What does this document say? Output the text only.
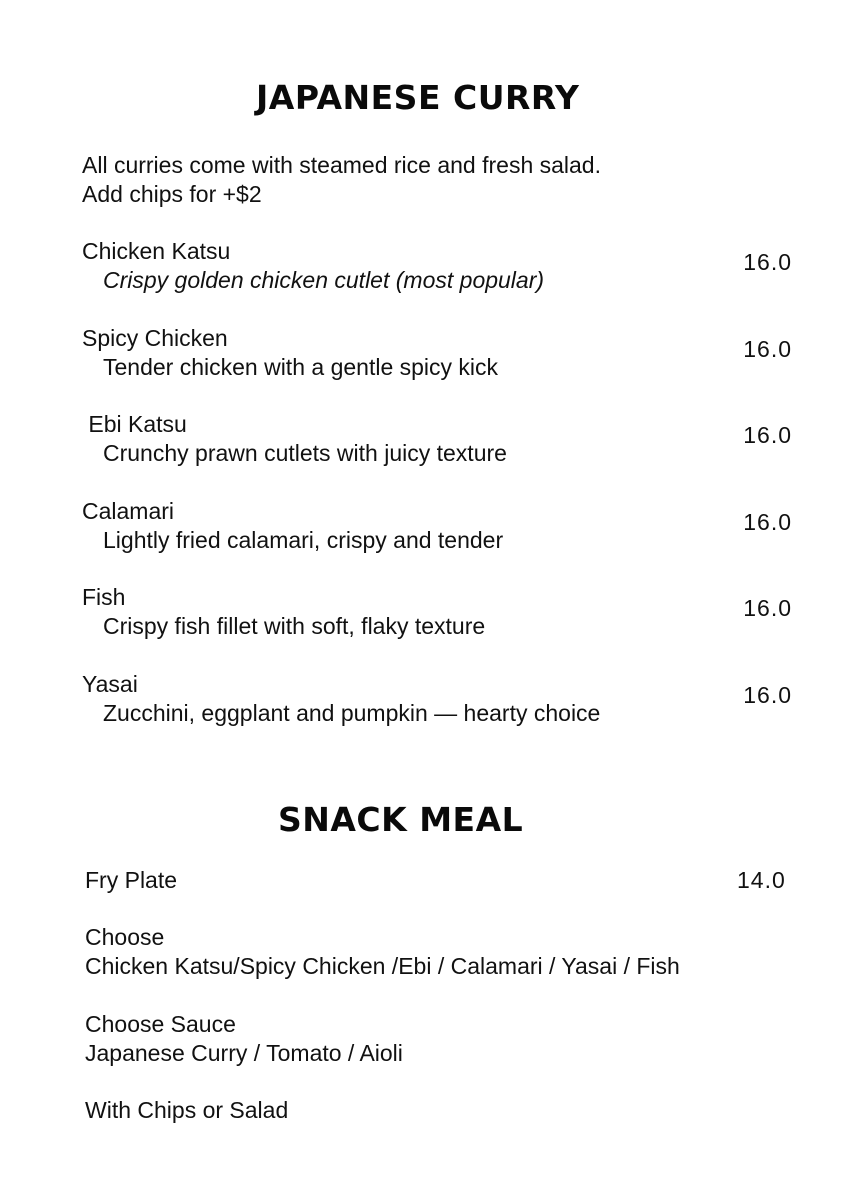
JAPANESE CURRY
All curries come with steamed rice and fresh salad.
Add chips for +$2
Chicken Katsu
Crispy golden chicken cutlet (most popular)
16.0
Spicy Chicken
Tender chicken with a gentle spicy kick
16.0
Ebi Katsu
Crunchy prawn cutlets with juicy texture
16.0
Calamari
Lightly fried calamari, crispy and tender
16.0
Fish
Crispy fish fillet with soft, flaky texture
16.0
Yasai
Zucchini, eggplant and pumpkin — hearty choice
16.0
SNACK MEAL
Fry Plate	14.0
Choose
Chicken Katsu/Spicy Chicken /Ebi / Calamari / Yasai / Fish
Choose Sauce
Japanese Curry / Tomato / Aioli
With Chips or Salad
